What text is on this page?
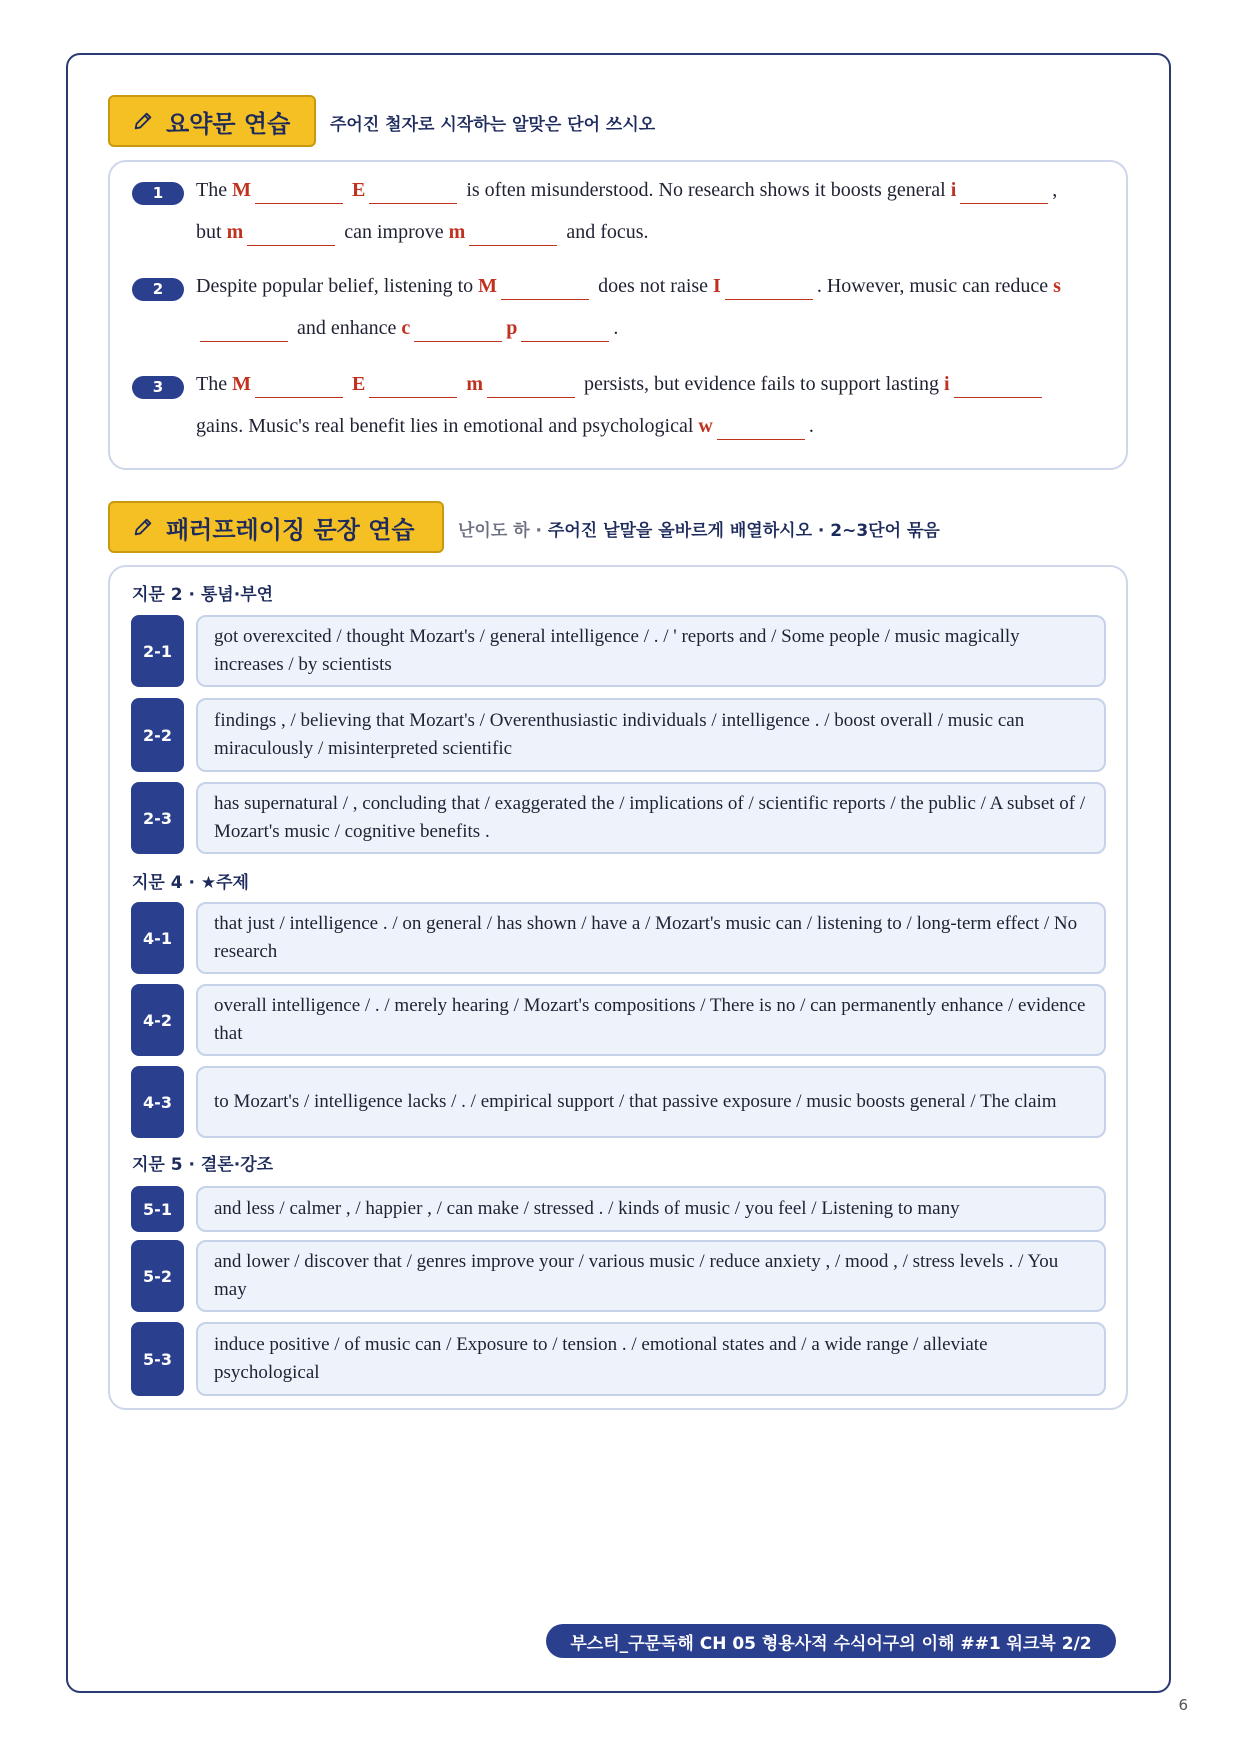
요약문 연습 주어진 철자로 시작하는 알맞은 단어 쓰시오
1	The M	E	is often misunderstood. No research shows it boosts general i	,
but m	can improve m	and focus.
2	Despite popular belief, listening to M	does not raise I	. However, music can reduce s
and enhance c	p	.
3	The M	E	m	persists, but evidence fails to support lasting i
gains. Music's real benefit lies in emotional and psychological w	.
패러프레이징 문장 연습	난이도 하 · 주어진 낱말을 올바르게 배열하시오 · 2~3단어 묶음
지문 2 · 통념·부연
2-1
got overexcited / thought Mozart's / general intelligence / . / ' reports and / Some people / music magically increases / by scientists
2-2
findings , / believing that Mozart's / Overenthusiastic individuals / intelligence . / boost overall / music can miraculously / misinterpreted scientific
2-3
has supernatural / , concluding that / exaggerated the / implications of / scientific reports / the public / A subset of / Mozart's music / cognitive benefits .
지문 4 · ★주제
4-1
that just / intelligence . / on general / has shown / have a / Mozart's music can / listening to / long-term effect / No research
4-2
overall intelligence / . / merely hearing / Mozart's compositions / There is no / can permanently enhance / evidence that
4-3	to Mozart's / intelligence lacks / . / empirical support / that passive exposure / music boosts general / The claim
지문 5 · 결론·강조
5-1	and less / calmer , / happier , / can make / stressed . / kinds of music / you feel / Listening to many
5-2
and lower / discover that / genres improve your / various music / reduce anxiety , / mood , / stress levels . / You may
5-3
induce positive / of music can / Exposure to / tension . / emotional states and / a wide range / alleviate psychological
부스터_구문독해 CH 05 형용사적 수식어구의 이해 ##1 워크북 2/2
6
